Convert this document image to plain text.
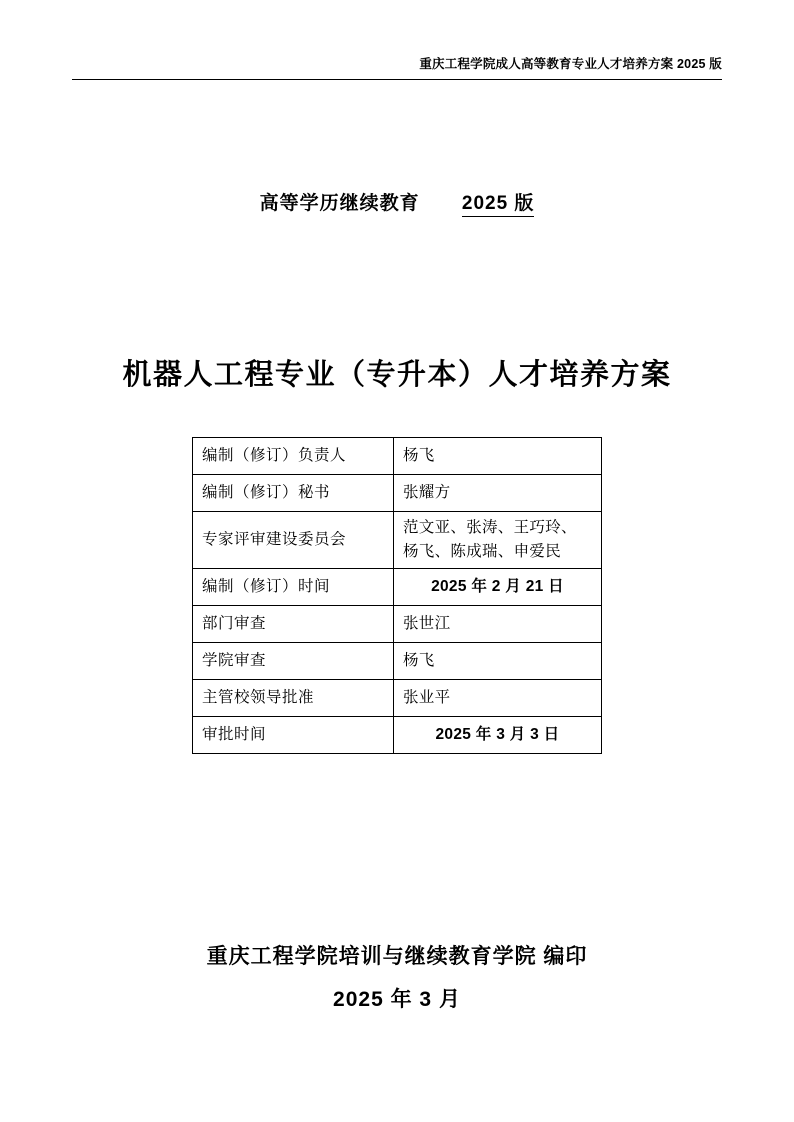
重庆工程学院成人高等教育专业人才培养方案 2025 版
高等学历继续教育 2025 版
机器人工程专业（专升本）人才培养方案
编制（修订）负责人	杨飞
编制（修订）秘书	张耀方
专家评审建设委员会	范文亚、张涛、王巧玲、
杨飞、陈成瑞、申爱民

编制（修订）时间	2025 年 2 月 21 日
部门审查	张世江
学院审查	杨飞
主管校领导批准	张业平
审批时间	2025 年 3 月 3 日
重庆工程学院培训与继续教育学院 编印
2025 年 3 月
